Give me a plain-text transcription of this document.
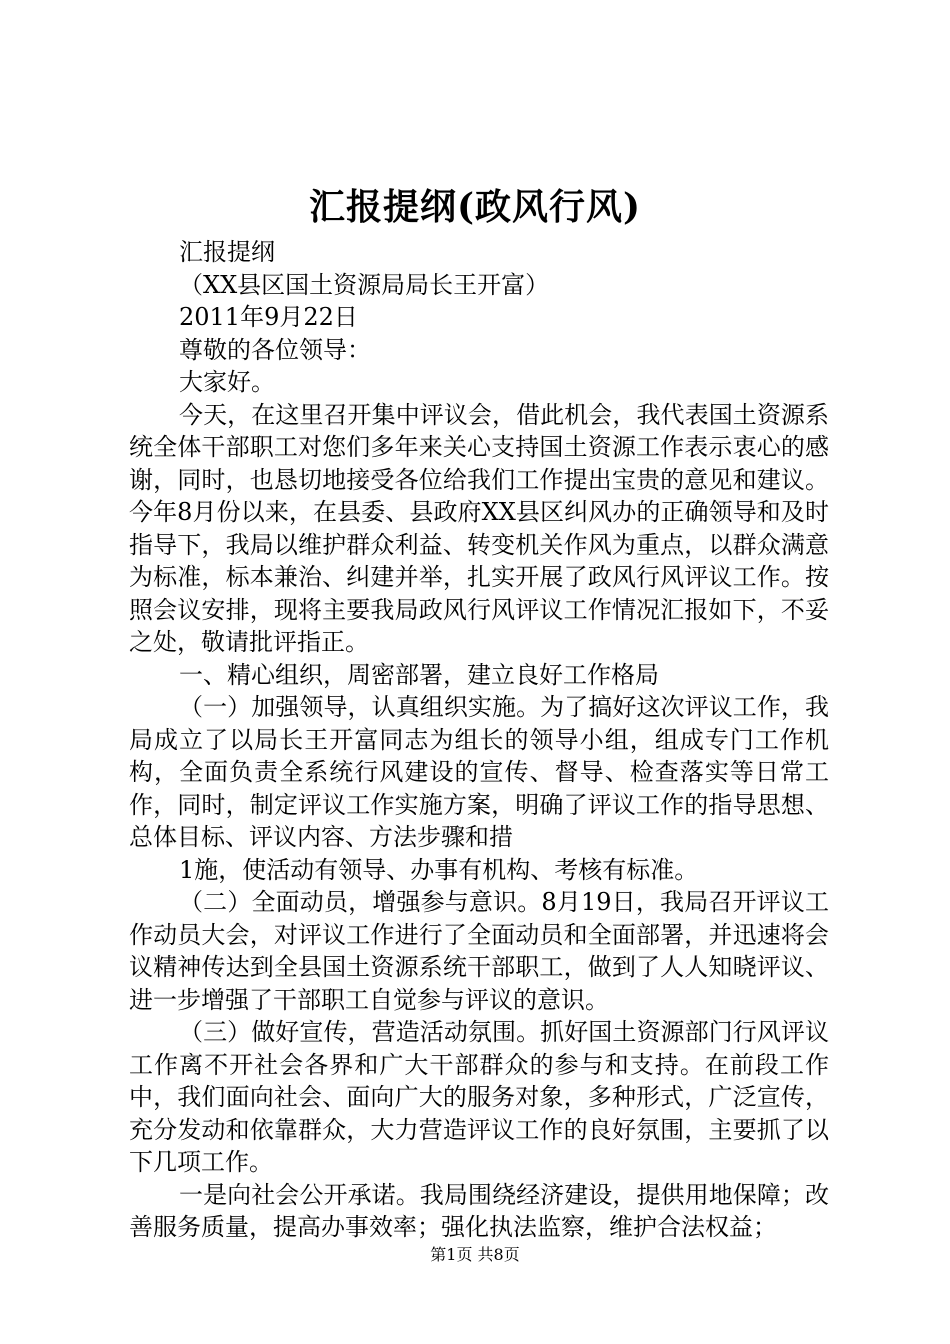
汇报提纲(政风行风)

汇报提纲

（XX县区国土资源局局长王开富）

2011年9月22日

尊敬的各位领导：

大家好。

今天，在这里召开集中评议会，借此机会，我代表国土资源系统全体干部职工对您们多年来关心支持国土资源工作表示衷心的感谢，同时，也恳切地接受各位给我们工作提出宝贵的意见和建议。今年8月份以来，在县委、县政府XX县区纠风办的正确领导和及时指导下，我局以维护群众利益、转变机关作风为重点，以群众满意为标准，标本兼治、纠建并举，扎实开展了政风行风评议工作。按照会议安排，现将主要我局政风行风评议工作情况汇报如下，不妥之处，敬请批评指正。

一、精心组织，周密部署，建立良好工作格局

（一）加强领导，认真组织实施。为了搞好这次评议工作，我局成立了以局长王开富同志为组长的领导小组，组成专门工作机构，全面负责全系统行风建设的宣传、督导、检查落实等日常工作，同时，制定评议工作实施方案，明确了评议工作的指导思想、总体目标、评议内容、方法步骤和措

1施，使活动有领导、办事有机构、考核有标准。

（二）全面动员，增强参与意识。8月19日，我局召开评议工作动员大会，对评议工作进行了全面动员和全面部署，并迅速将会议精神传达到全县国土资源系统干部职工，做到了人人知晓评议、进一步增强了干部职工自觉参与评议的意识。

（三）做好宣传，营造活动氛围。抓好国土资源部门行风评议工作离不开社会各界和广大干部群众的参与和支持。在前段工作中，我们面向社会、面向广大的服务对象，多种形式，广泛宣传，充分发动和依靠群众，大力营造评议工作的良好氛围，主要抓了以下几项工作。

一是向社会公开承诺。我局围绕经济建设，提供用地保障；改善服务质量，提高办事效率；强化执法监察，维护合法权益；

第1页 共8页
